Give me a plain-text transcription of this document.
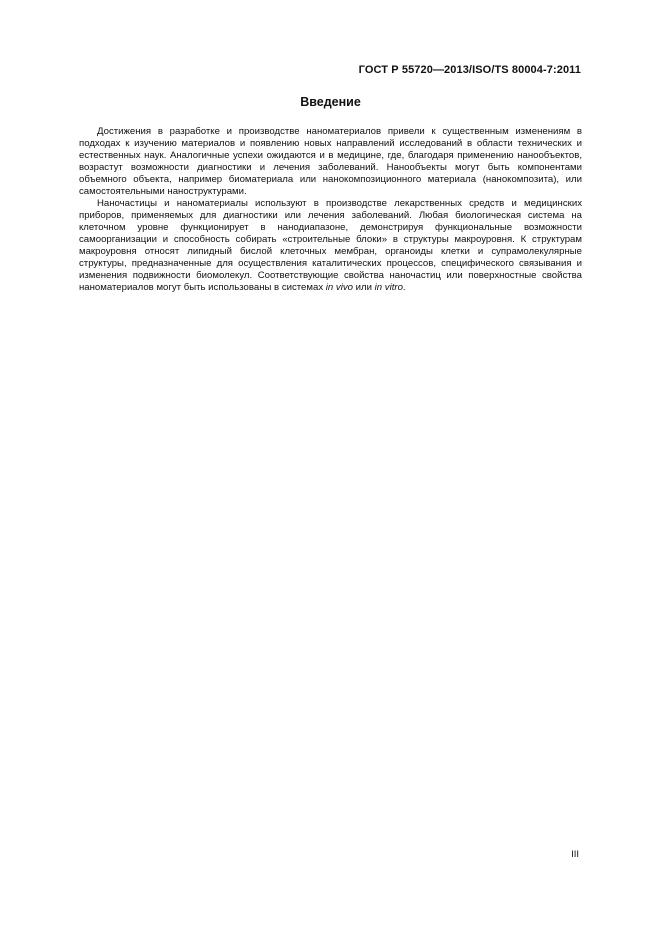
ГОСТ Р 55720—2013/ISO/TS 80004-7:2011
Введение

Достижения в разработке и производстве наноматериалов привели к существенным изменениям в подходах к изучению материалов и появлению новых направлений исследований в области технических и естественных наук. Аналогичные успехи ожидаются и в медицине, где, благодаря применению нанообъектов, возрастут возможности диагностики и лечения заболеваний. Нанообъекты могут быть компонентами объемного объекта, например биоматериала или нанокомпозиционного материала (нанокомпозита), или самостоятельными наноструктурами.

Наночастицы и наноматериалы используют в производстве лекарственных средств и медицинских приборов, применяемых для диагностики или лечения заболеваний. Любая биологическая система на клеточном уровне функционирует в нанодиапазоне, демонстрируя функциональные возможности самоорганизации и способность собирать «строительные блоки» в структуры макроуровня. К структурам макроуровня относят липидный бислой клеточных мембран, органоиды клетки и супрамолекулярные структуры, предназначенные для осуществления каталитических процессов, специфического связывания и изменения подвижности биомолекул. Соответствующие свойства наночастиц или поверхностные свойства наноматериалов могут быть использованы в системах in vivo или in vitro.

III
